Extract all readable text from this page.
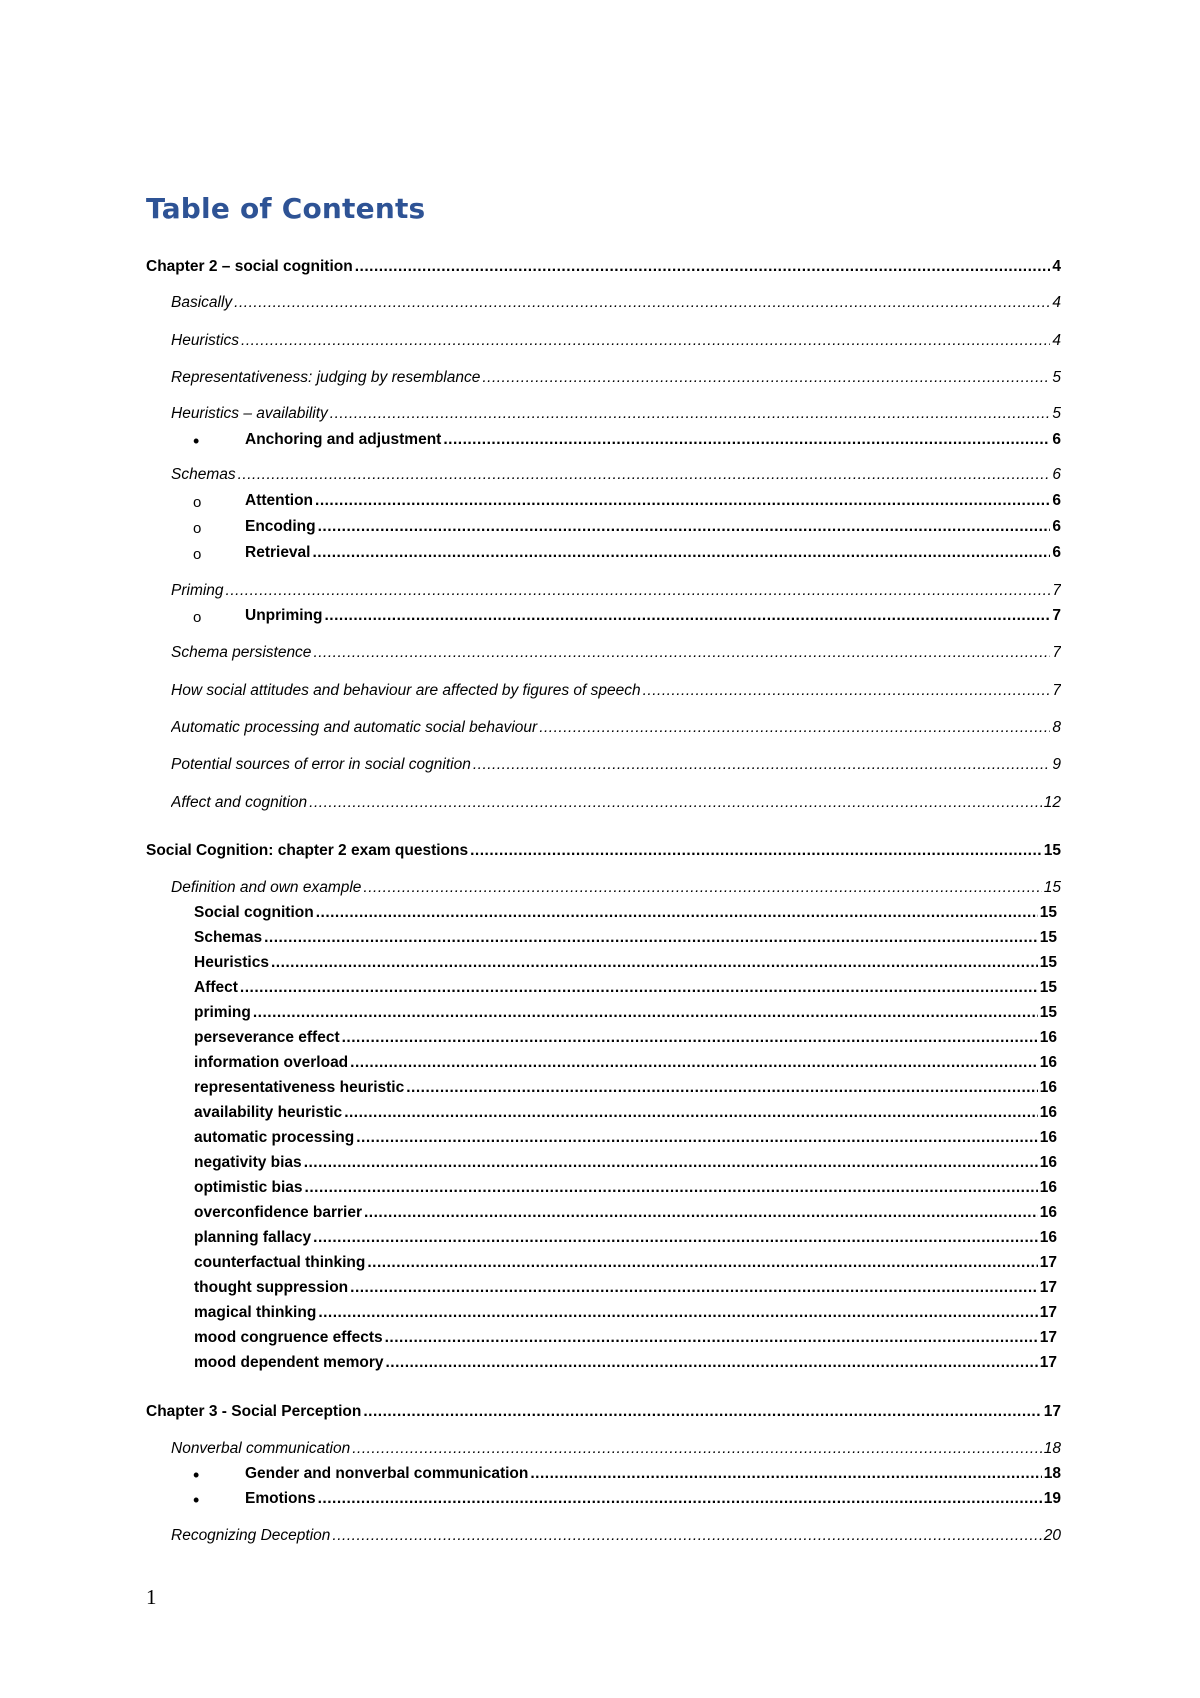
Table of Contents
Chapter 2 – social cognition .....	4
Basically .....	4
Heuristics .....	4
Representativeness: judging by resemblance .....	5
Heuristics – availability .....	5
•	Anchoring and adjustment .....	6
Schemas .....	6
o	Attention .....	6
o	Encoding .....	6
o	Retrieval .....	6
Priming .....	7
o	Unpriming .....	7
Schema persistence .....	7
How social attitudes and behaviour are affected by figures of speech .....	7
Automatic processing and automatic social behaviour .....	8
Potential sources of error in social cognition .....	9
Affect and cognition .....	12
Social Cognition: chapter 2 exam questions .....	15
Definition and own example .....	15
Social cognition .....	15
Schemas .....	15
Heuristics .....	15
Affect .....	15
priming .....	15
perseverance effect .....	16
information overload .....	16
representativeness heuristic .....	16
availability heuristic .....	16
automatic processing .....	16
negativity bias .....	16
optimistic bias .....	16
overconfidence barrier .....	16
planning fallacy .....	16
counterfactual thinking .....	17
thought suppression .....	17
magical thinking .....	17
mood congruence effects .....	17
mood dependent memory .....	17
Chapter 3 - Social Perception .....	17
Nonverbal communication .....	18
•	Gender and nonverbal communication .....	18
•	Emotions .....	19
Recognizing Deception .....	20
1
